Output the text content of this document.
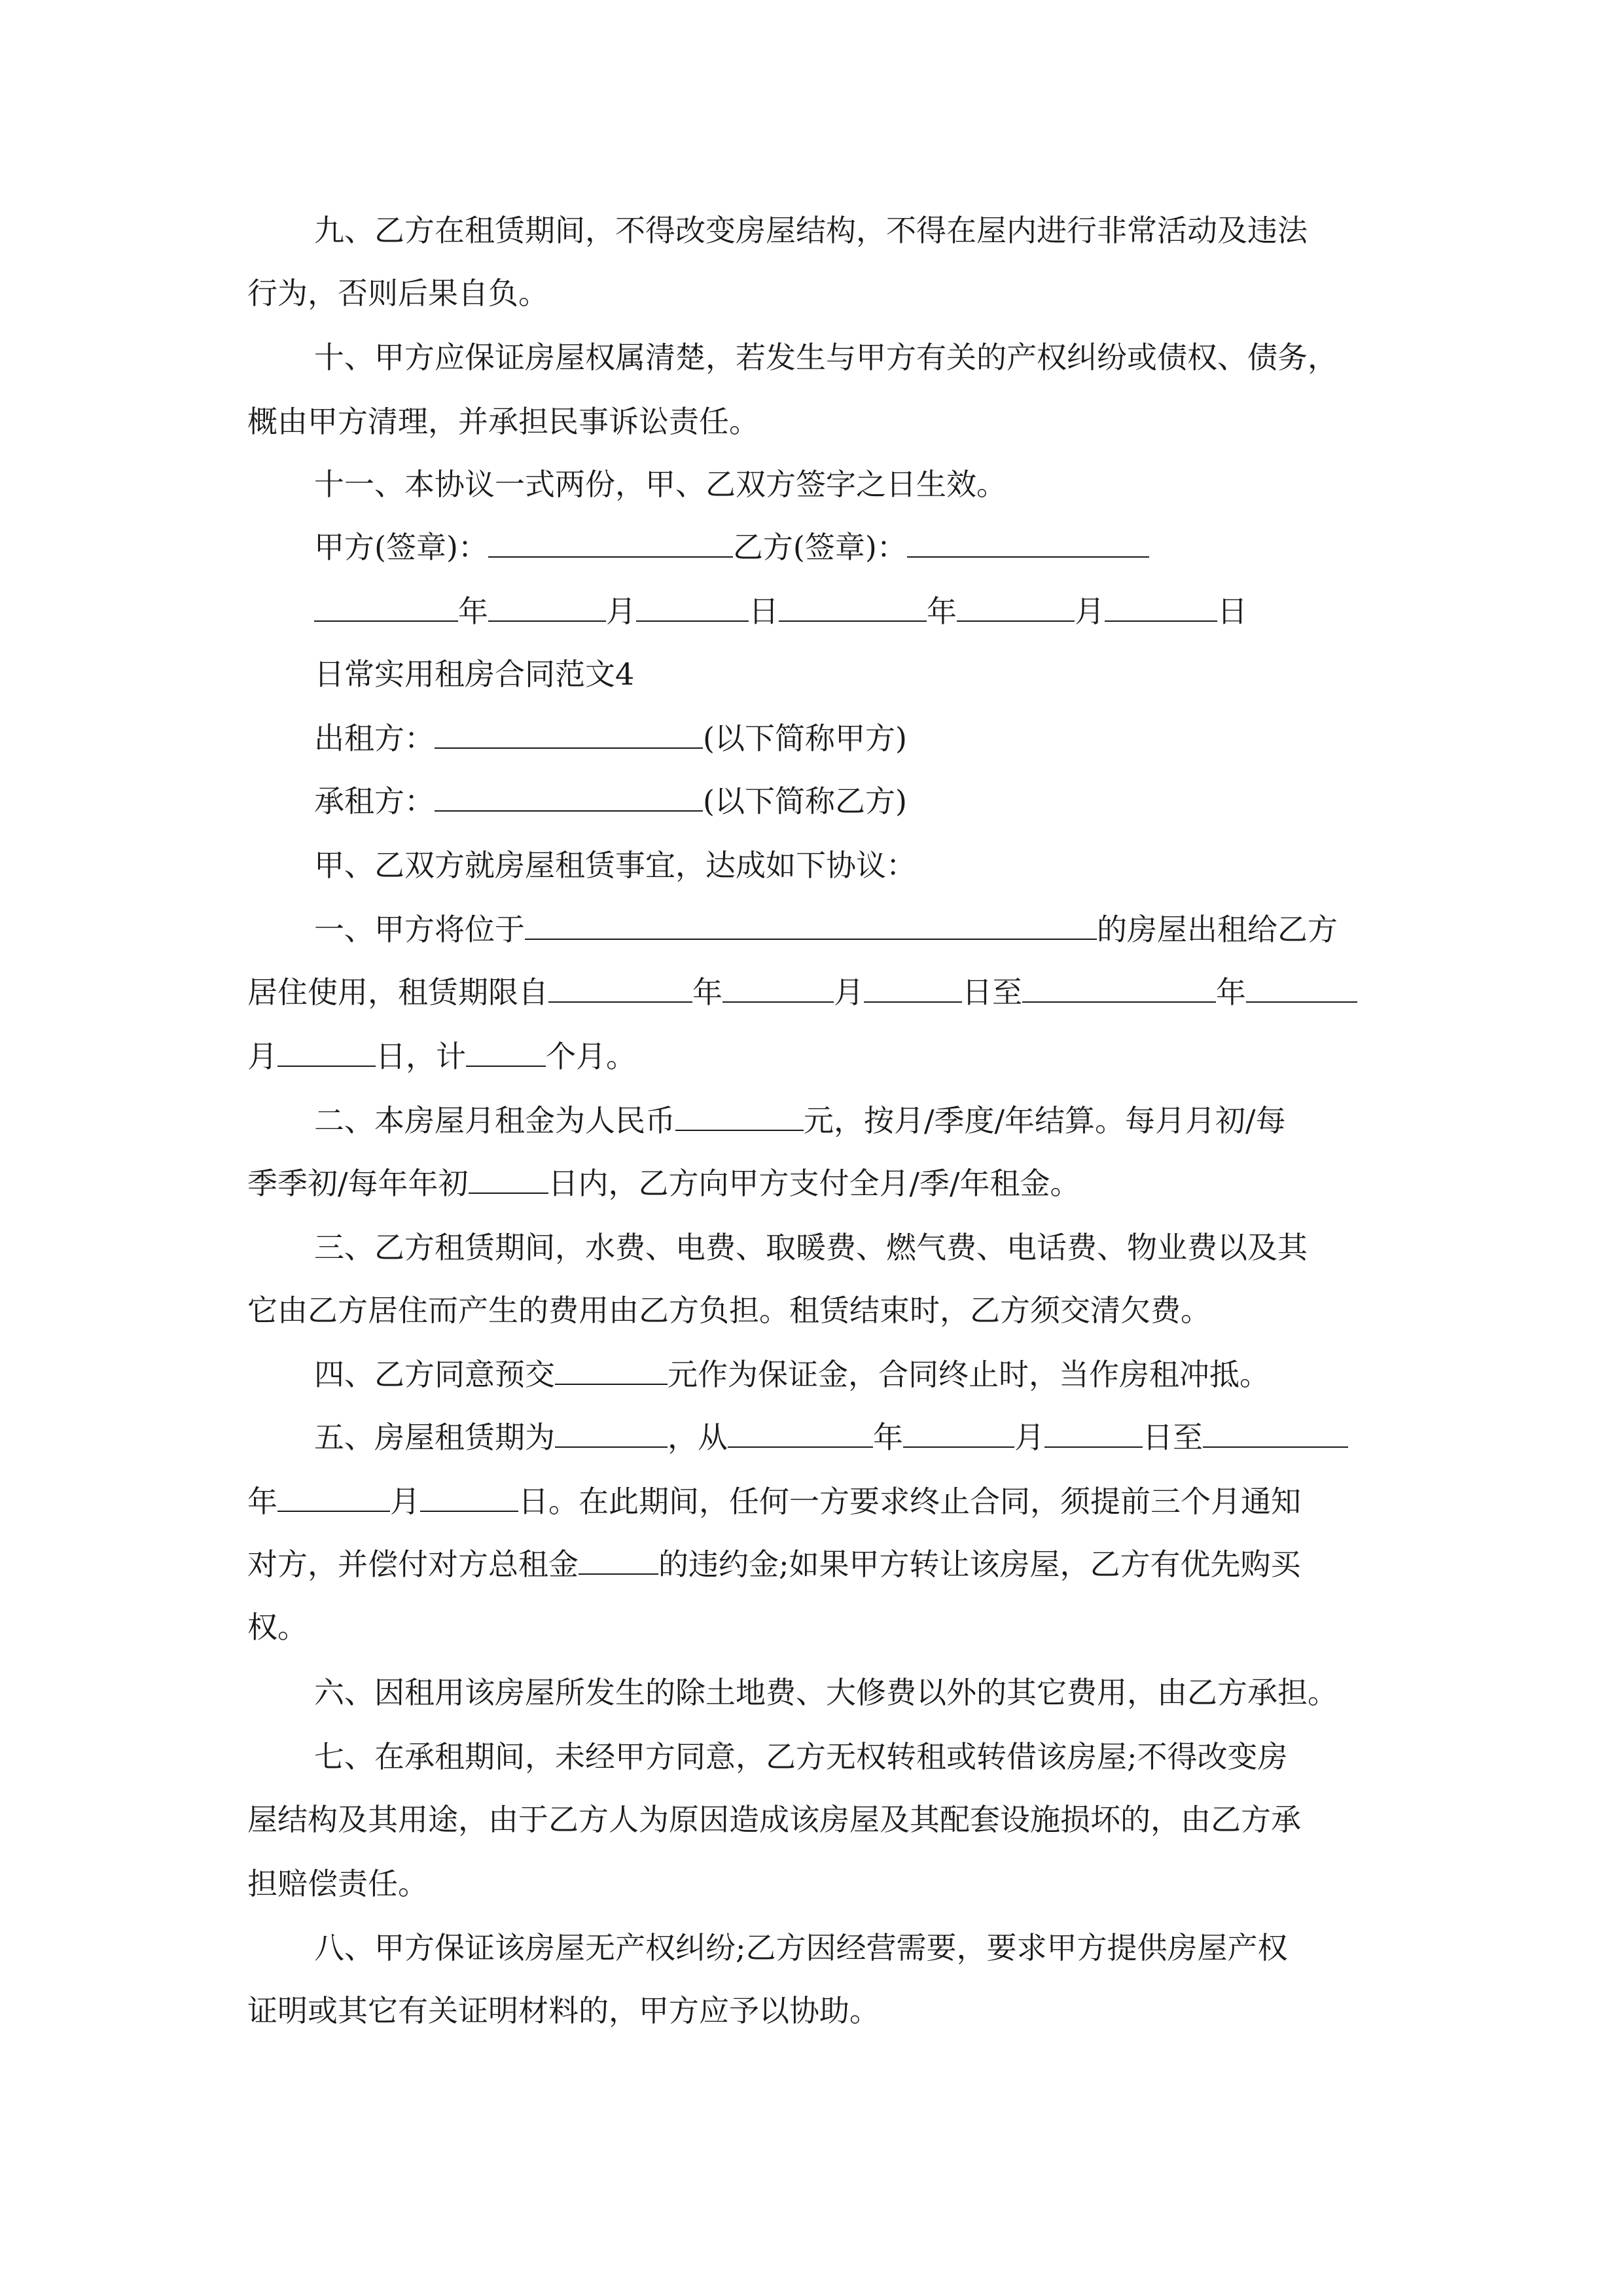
九、乙方在租赁期间，不得改变房屋结构，不得在屋内进行非常活动及违法
行为，否则后果自负。
十、甲方应保证房屋权属清楚，若发生与甲方有关的产权纠纷或债权、债务，
概由甲方清理，并承担民事诉讼责任。
十一、本协议一式两份，甲、乙双方签字之日生效。
甲方(签章)：	乙方(签章)：
年	月	日	年	月	日
日常实用租房合同范文4
出租方：	(以下简称甲方)
承租方：	(以下简称乙方)
甲、乙双方就房屋租赁事宜，达成如下协议：
一、甲方将位于	的房屋出租给乙方
居住使用，租赁期限自	年	月	日至	年
月	日，计	个月。
二、本房屋月租金为人民币	元，按月/季度/年结算。每月月初/每
季季初/每年年初	日内，乙方向甲方支付全月/季/年租金。
三、乙方租赁期间，水费、电费、取暖费、燃气费、电话费、物业费以及其
它由乙方居住而产生的费用由乙方负担。租赁结束时，乙方须交清欠费。
四、乙方同意预交	元作为保证金，合同终止时，当作房租冲抵。
五、房屋租赁期为	，从	年	月	日至
年	月	日。在此期间，任何一方要求终止合同，须提前三个月通知
对方，并偿付对方总租金	的违约金;如果甲方转让该房屋，乙方有优先购买
权。
六、因租用该房屋所发生的除土地费、大修费以外的其它费用，由乙方承担。
七、在承租期间，未经甲方同意，乙方无权转租或转借该房屋;不得改变房
屋结构及其用途，由于乙方人为原因造成该房屋及其配套设施损坏的，由乙方承
担赔偿责任。
八、甲方保证该房屋无产权纠纷;乙方因经营需要，要求甲方提供房屋产权
证明或其它有关证明材料的，甲方应予以协助。
